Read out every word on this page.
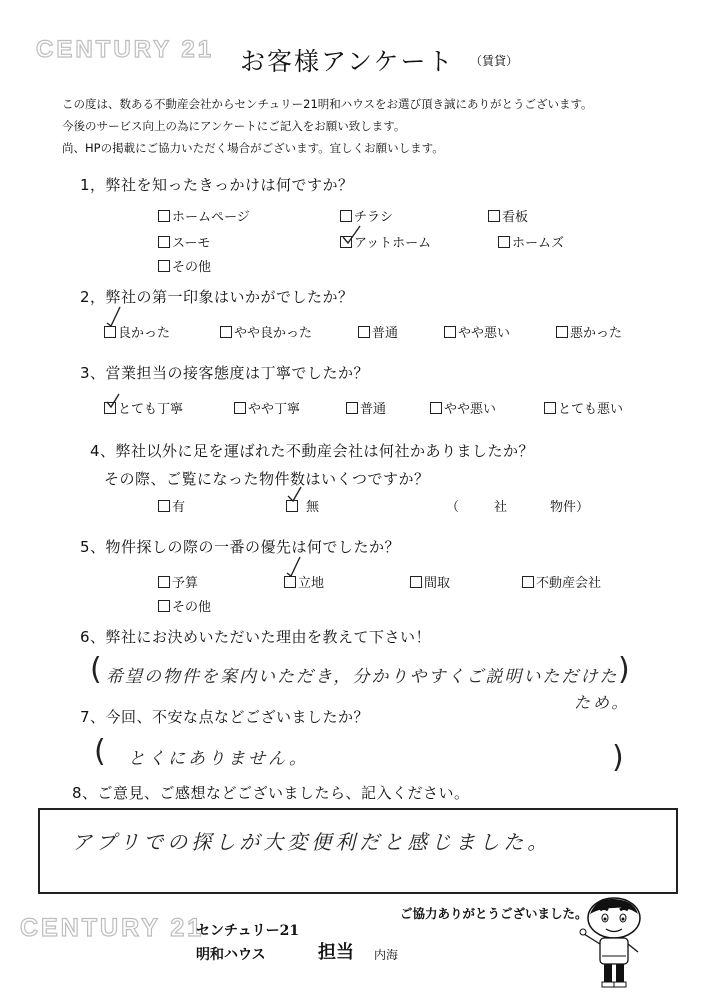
CENTURY 21 お客様アンケート （賃貸）
この度は、数ある不動産会社からセンチュリー21明和ハウスをお選び頂き誠にありがとうございます。
今後のサービス向上の為にアンケートにご記入をお願い致します。
尚、HPの掲載にご協力いただく場合がございます。宜しくお願いします。
1，弊社を知ったきっかけは何ですか？
ホームページ	チラシ	看板
スーモ	アットホーム	ホームズ
その他
2，弊社の第一印象はいかがでしたか？
良かった	やや良かった	普通	やや悪い	悪かった
3、営業担当の接客態度は丁寧でしたか？
とても丁寧	やや丁寧	普通	やや悪い	とても悪い
4、弊社以外に足を運ばれた不動産会社は何社かありましたか？
その際、ご覧になった物件数はいくつですか？
有	無	（	社	物件）
5、物件探しの際の一番の優先は何でしたか？
予算	立地	間取	不動産会社
その他
6、弊社にお決めいただいた理由を教えて下さい！
( 希望の物件を案内いただき，分かりやすくご説明いただけた )
ため。
7、今回、不安な点などございましたか？
( とくにありません。	)
8、ご意見、ご感想などございましたら、記入ください。
アプリでの探しが大変便利だと感じました。
ご協力ありがとうございました。
CENTURY 21
センチュリー21
明和ハウス	担当 内海
